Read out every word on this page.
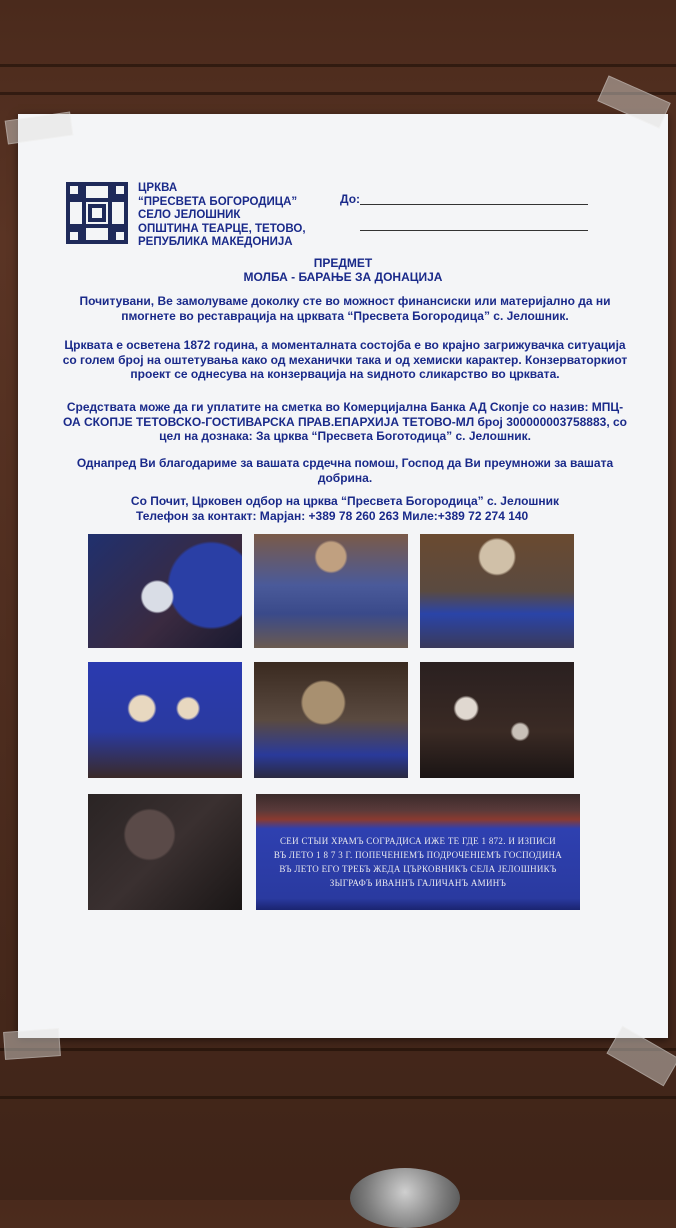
ЦРКВА
“ПРЕСВЕТА БОГОРОДИЦА”
СЕЛО ЈЕЛОШНИК
ОПШТИНА ТЕАРЦЕ, ТЕТОВО,
РЕПУБЛИКА МАКЕДОНИЈА
До:
ПРЕДМЕТ
МОЛБА - БАРАЊЕ ЗА ДОНАЦИЈА
Почитувани, Ве замолуваме доколку сте во можност финансиски или материјално да ни пмогнете во реставрација на црквата “Пресвета Богородица” с. Јелошник.
Црквата е осветена 1872 година, а моменталната состојба е во крајно загрижувачка ситуација со голем број на оштетувања како од механички така и од хемиски карактер. Конзерваторкиот проект се однесува на конзервација на ѕидното сликарство во црквата.
Средствата може да ги уплатите на сметка во Комерцијална Банка АД Скопје со назив: МПЦ-ОА СКОПЈЕ ТЕТОВСКО-ГОСТИВАРСКА ПРАВ.ЕПАРХИЈА ТЕТОВО-МЛ број 300000003758883, со цел на дознака: За црква “Пресвета Боготодица” с. Јелошник.
Однапред Ви благодариме за вашата срдечна помош, Господ да Ви преумножи за вашата добрина.
Со Почит, Црковен одбор на црква “Пресвета Богородица” с. Јелошник
Телефон за контакт: Марјан: +389 78 260 263 Миле:+389 72 274 140
СЕИ СТЫИ ХРАМЪ СОГРАДИСА ИЖЕ ТЕ ГДЕ 1 872. И ИЗПИСИ
ВЪ ЛЕТО 1 8 7 3 Г. ПОПЕЧЕНІЕМЪ ПОДРОЧЕНІЕМЪ ГОСПОДИНА
ВЪ ЛЕТО ЕГО ТРЕБЪ ЖЕДА ЦЪРКОВНИКЪ СЕЛА ЈЕЛОШНИКЪ
ЗЫГРАФЪ ИВАННЪ ГАЛИЧАНЪ АМИНЪ
